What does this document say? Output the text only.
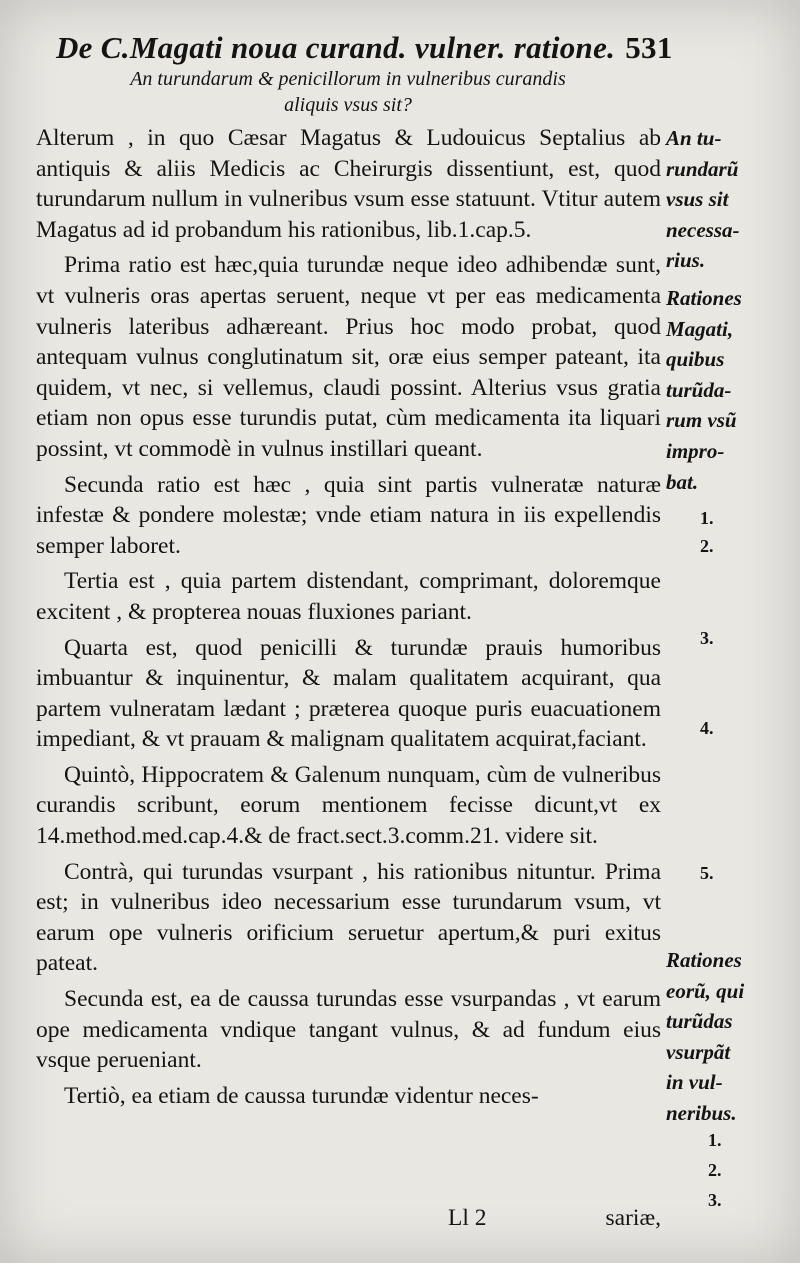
De C.Magati noua curand. vulner. ratione. 531
An turundarum & penicillorum in vulneribus curandis
aliquis vsus sit?

Alterum , in quo Cæsar Magatus & Ludouicus Septalius ab antiquis & aliis Medicis ac Cheirurgis dissentiunt, est, quod turundarum nullum in vulneribus vsum esse statuunt. Vtitur autem Magatus ad id probandum his rationibus, lib.1.cap.5.

Prima ratio est hæc,quia turundæ neque ideo adhibendæ sunt, vt vulneris oras apertas seruent, neque vt per eas medicamenta vulneris lateribus adhæreant. Prius hoc modo probat, quod antequam vulnus conglutinatum sit, oræ eius semper pateant, ita quidem, vt nec, si vellemus, claudi possint. Alterius vsus gratia etiam non opus esse turundis putat, cùm medicamenta ita liquari possint, vt commodè in vulnus instillari queant.

Secunda ratio est hæc , quia sint partis vulneratæ naturæ infestæ & pondere molestæ; vnde etiam natura in iis expellendis semper laboret.

Tertia est , quia partem distendant, comprimant, doloremque excitent , & propterea nouas fluxiones pariant.

Quarta est, quod penicilli & turundæ prauis humoribus imbuantur & inquinentur, & malam qualitatem acquirant, qua partem vulneratam lædant ; præterea quoque puris euacuationem impediant, & vt prauam & malignam qualitatem acquirat,faciant.

Quintò, Hippocratem & Galenum nunquam, cùm de vulneribus curandis scribunt, eorum mentionem fecisse dicunt,vt ex 14.method.med.cap.4.& de fract.sect.3.comm.21. videre sit.

Contrà, qui turundas vsurpant , his rationibus nituntur. Prima est; in vulneribus ideo necessarium esse turundarum vsum, vt earum ope vulneris orificium seruetur apertum,& puri exitus pateat.

Secunda est, ea de caussa turundas esse vsurpandas , vt earum ope medicamenta vndique tangant vulnus, & ad fundum eius vsque perueniant.

Tertiò, ea etiam de caussa turundæ videntur neces-

An tu-
rundarũ
vsus sit
necessa-
rius.
Rationes
Magati,
quibus
turũda-
rum vsũ
impro-
bat.
Rationes
eorũ, qui
turũdas
vsurpãt
in vul-
neribus.
1.
2.
3.
4.
5.
1.
2.
3.
Ll 2	sariæ,
